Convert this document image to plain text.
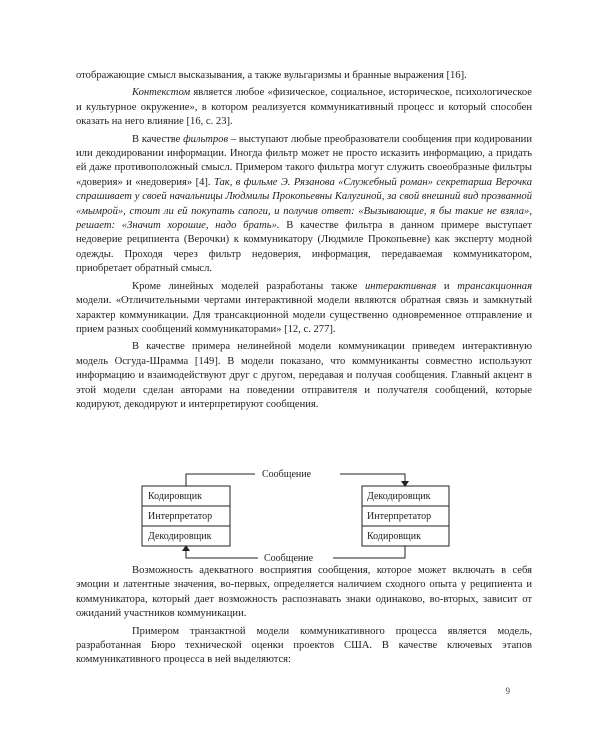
отображающие смысл высказывания, а также вульгаризмы и бранные выражения [16].

Контекстом является любое «физическое, социальное, историческое, психологическое и культурное окружение», в котором реализуется коммуникативный процесс и который способен оказать на него влияние [16, с. 23].

В качестве фильтров – выступают любые преобразователи сообщения при кодировании или декодировании информации. Иногда фильтр может не просто исказить информацию, а придать ей даже противоположный смысл. Примером такого фильтра могут служить своеобразные фильтры «доверия» и «недоверия» [4]. Так, в фильме Э. Рязанова «Служебный роман» секретарша Верочка спрашивает у своей начальницы Людмилы Прокопьевны Калугиной, за свой внешний вид прозванной «мымрой», стоит ли ей покупать сапоги, и получив ответ: «Вызывающие, я бы такие не взяла», решает: «Значит хорошие, надо брать». В качестве фильтра в данном примере выступает недоверие реципиента (Верочки) к коммуникатору (Людмиле Прокопьевне) как эксперту модной одежды. Проходя через фильтр недоверия, информация, передаваемая коммуникатором, приобретает обратный смысл.

Кроме линейных моделей разработаны также интерактивная и трансакционная модели. «Отличительными чертами интерактивной модели являются обратная связь и замкнутый характер коммуникации. Для трансакционной модели существенно одновременное отправление и прием разных сообщений коммуникаторами» [12, с. 277].

В качестве примера нелинейной модели коммуникации приведем интерактивную модель Осгуда-Шрамма [149]. В модели показано, что коммуниканты совместно используют информацию и взаимодействуют друг с другом, передавая и получая сообщения. Главный акцент в этой модели сделан авторами на поведении отправителя и получателя сообщений, которые кодируют, декодируют и интерпретируют сообщения.

Кодировщик
Интерпретатор
Декодировщик
Декодировщик
Интерпретатор
Кодировщик
Сообщение
Сообщение

Возможность адекватного восприятия сообщения, которое может включать в себя эмоции и латентные значения, во-первых, определяется наличием сходного опыта у реципиента и коммуникатора, который дает возможность распознавать знаки одинаково, во-вторых, зависит от ожиданий участников коммуникации.

Примером транзактной модели коммуникативного процесса является модель, разработанная Бюро технической оценки проектов США. В качестве ключевых этапов коммуникативного процесса в ней выделяются:

9
